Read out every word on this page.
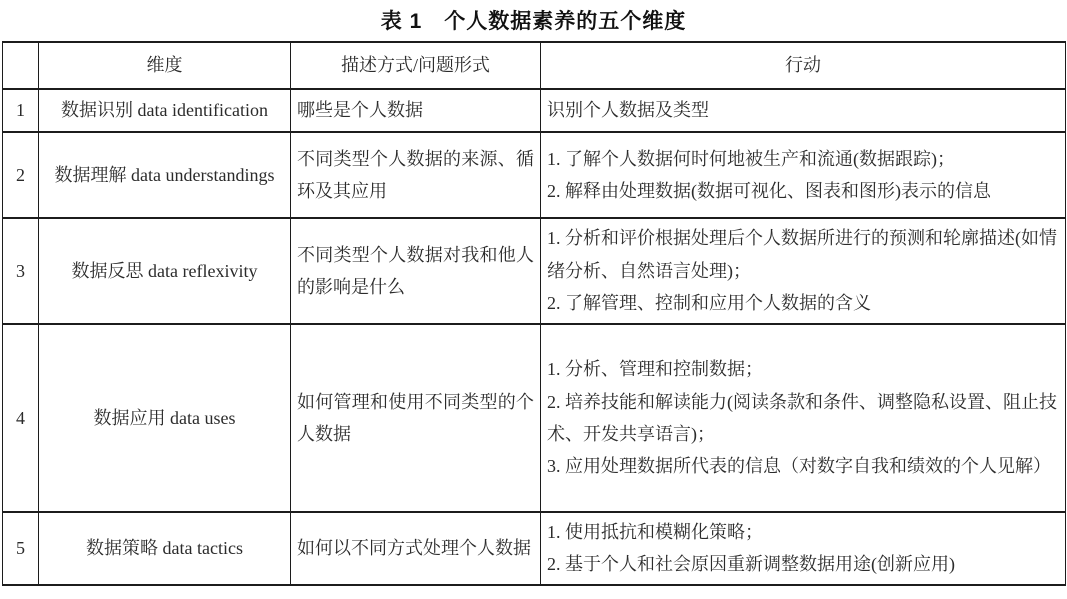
表 1　个人数据素养的五个维度
	维度	描述方式/问题形式	行动
1	数据识别 data identification	哪些是个人数据	识别个人数据及类型

2	数据理解 data understandings	不同类型个人数据的来源、循环及其应用	1. 了解个人数据何时何地被生产和流通(数据跟踪)；
2. 解释由处理数据(数据可视化、图表和图形)表示的信息

3	数据反思 data reflexivity	不同类型个人数据对我和他人的影响是什么	1. 分析和评价根据处理后个人数据所进行的预测和轮廓描述(如情绪分析、自然语言处理)；
2. 了解管理、控制和应用个人数据的含义

4	数据应用 data uses	如何管理和使用不同类型的个人数据	1. 分析、管理和控制数据；
2. 培养技能和解读能力(阅读条款和条件、调整隐私设置、阻止技术、开发共享语言)；
3. 应用处理数据所代表的信息（对数字自我和绩效的个人见解）

5	数据策略 data tactics	如何以不同方式处理个人数据	1. 使用抵抗和模糊化策略；
2. 基于个人和社会原因重新调整数据用途(创新应用)
